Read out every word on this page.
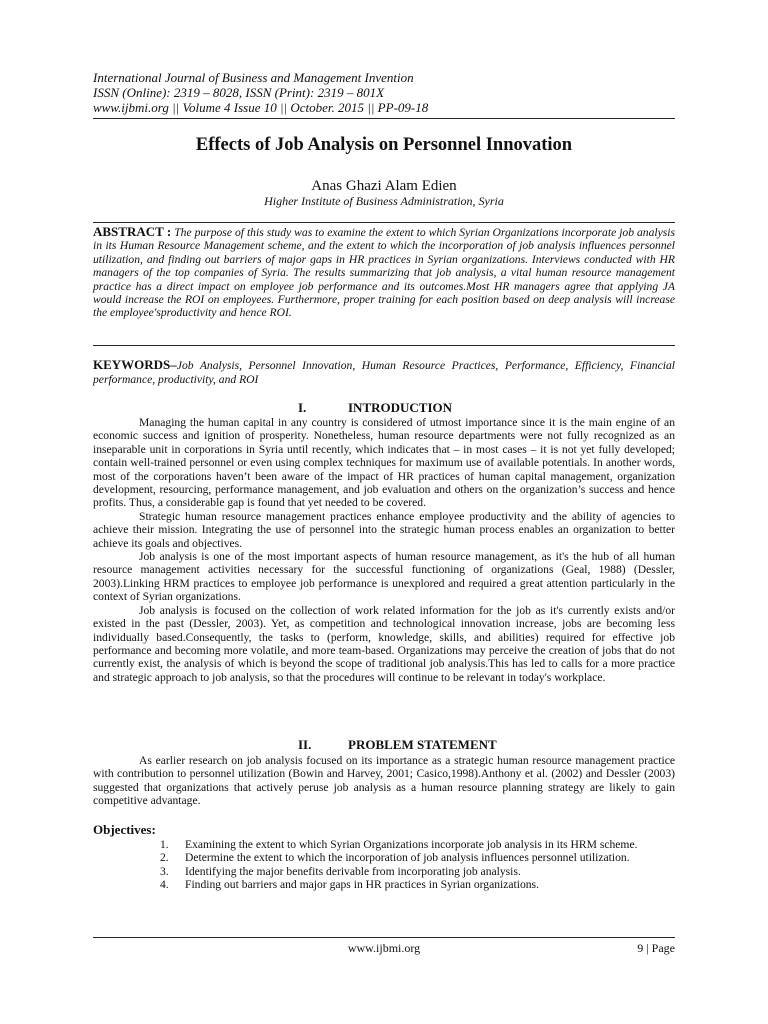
International Journal of Business and Management Invention
ISSN (Online): 2319 – 8028, ISSN (Print): 2319 – 801X
www.ijbmi.org || Volume 4 Issue 10 || October. 2015 || PP-09-18
Effects of Job Analysis on Personnel Innovation
Anas Ghazi Alam Edien
Higher Institute of Business Administration, Syria
ABSTRACT : The purpose of this study was to examine the extent to which Syrian Organizations incorporate job analysis in its Human Resource Management scheme, and the extent to which the incorporation of job analysis influences personnel utilization, and finding out barriers of major gaps in HR practices in Syrian organizations. Interviews conducted with HR managers of the top companies of Syria. The results summarizing that job analysis, a vital human resource management practice has a direct impact on employee job performance and its outcomes.Most HR managers agree that applying JA would increase the ROI on employees. Furthermore, proper training for each position based on deep analysis will increase the employee'sproductivity and hence ROI.
KEYWORDS–Job Analysis, Personnel Innovation, Human Resource Practices, Performance, Efficiency, Financial performance, productivity, and ROI
I.	INTRODUCTION

Managing the human capital in any country is considered of utmost importance since it is the main engine of an economic success and ignition of prosperity. Nonetheless, human resource departments were not fully recognized as an inseparable unit in corporations in Syria until recently, which indicates that – in most cases – it is not yet fully developed; contain well-trained personnel or even using complex techniques for maximum use of available potentials. In another words, most of the corporations haven’t been aware of the impact of HR practices of human capital management, organization development, resourcing, performance management, and job evaluation and others on the organization’s success and hence profits. Thus, a considerable gap is found that yet needed to be covered.

Strategic human resource management practices enhance employee productivity and the ability of agencies to achieve their mission. Integrating the use of personnel into the strategic human process enables an organization to better achieve its goals and objectives.

Job analysis is one of the most important aspects of human resource management, as it's the hub of all human resource management activities necessary for the successful functioning of organizations (Geal, 1988) (Dessler, 2003).Linking HRM practices to employee job performance is unexplored and required a great attention particularly in the context of Syrian organizations.

Job analysis is focused on the collection of work related information for the job as it's currently exists and/or existed in the past (Dessler, 2003). Yet, as competition and technological innovation increase, jobs are becoming less individually based.Consequently, the tasks to (perform, knowledge, skills, and abilities) required for effective job performance and becoming more volatile, and more team-based. Organizations may perceive the creation of jobs that do not currently exist, the analysis of which is beyond the scope of traditional job analysis.This has led to calls for a more practice and strategic approach to job analysis, so that the procedures will continue to be relevant in today's workplace.

II.	PROBLEM STATEMENT

As earlier research on job analysis focused on its importance as a strategic human resource management practice with contribution to personnel utilization (Bowin and Harvey, 2001; Casico,1998).Anthony et al. (2002) and Dessler (2003) suggested that organizations that actively peruse job analysis as a human resource planning strategy are likely to gain competitive advantage.

Objectives:
1. Examining the extent to which Syrian Organizations incorporate job analysis in its HRM scheme.
2. Determine the extent to which the incorporation of job analysis influences personnel utilization.
3. Identifying the major benefits derivable from incorporating job analysis.
4. Finding out barriers and major gaps in HR practices in Syrian organizations.
www.ijbmi.org	9 | Page
